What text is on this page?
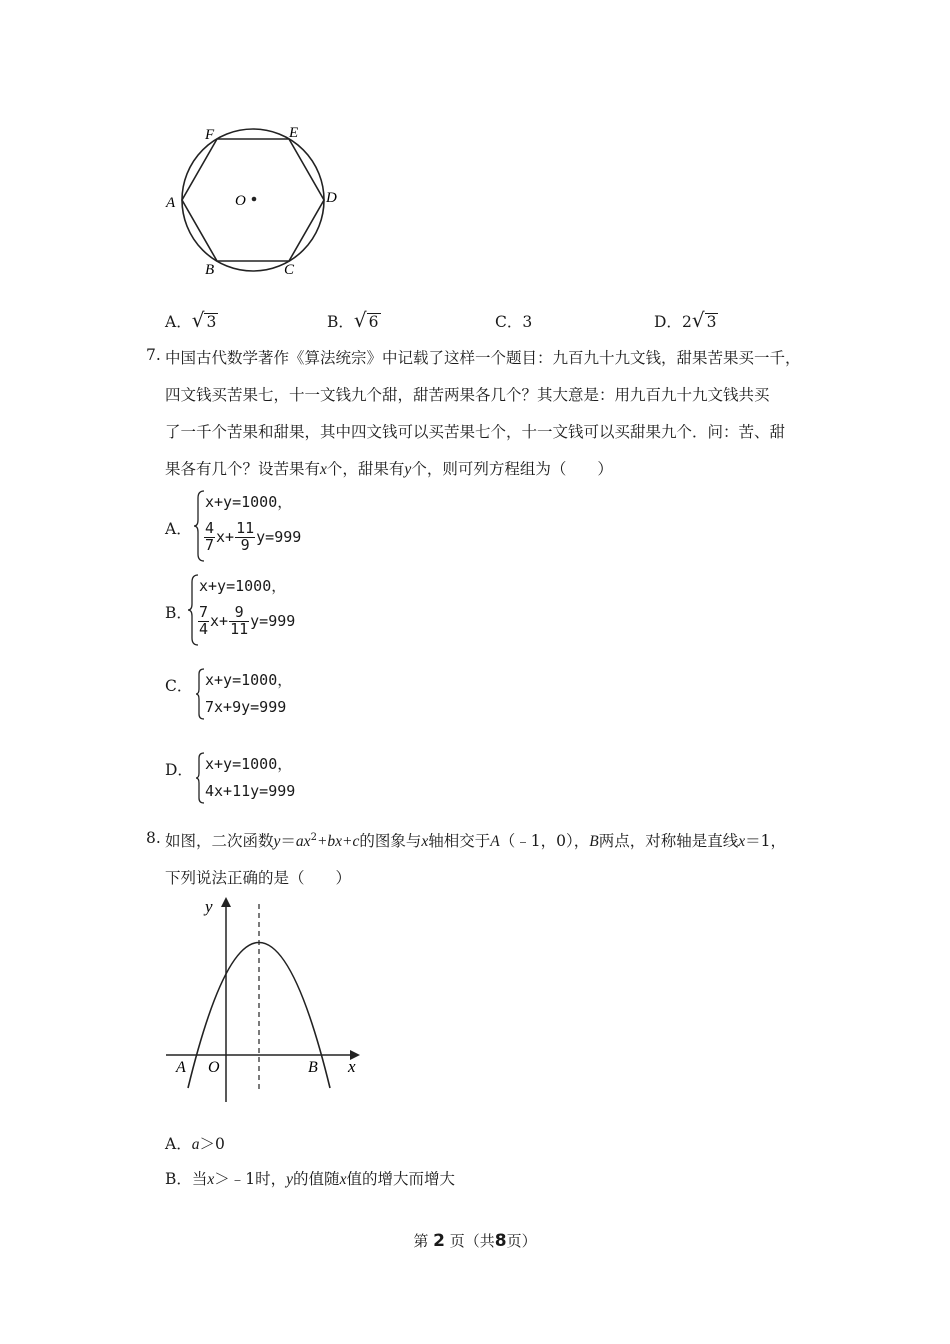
F	E
A	O	D
B	C
A．√ 3	B．√ 6	C．3	D．2√ 3
7. 中国古代数学著作《算法统宗》中记载了这样一个题目：九百九十九文钱，甜果苦果买一千，
四文钱买苦果七，十一文钱九个甜，甜苦两果各几个？其大意是：用九百九十九文钱共买
了一千个苦果和甜果，其中四文钱可以买苦果七个，十一文钱可以买甜果九个．问：苦、甜
果各有几个？设苦果有x个，甜果有y个，则可列方程组为（　　）
A．
x+y=1000，
$\frac{4}{7} x+ \frac{11}{9} y=999$
B．
x+y=1000，
$\frac{7}{4} x+ \frac{9}{11} y=999$
C． x+y=1000，
7x+9y=999
D． x+y=1000，
4x+11y=999
8. 如图，二次函数$y=ax^2+bx+c$的图象与x轴相交于A（﹣1，0），B两点，对称轴是直线x＝1，
下列说法正确的是（　　）
y
x
A O	B
A．a＞0
B．当x＞﹣1时，y的值随x值的增大而增大
第 2 页（共8页）
